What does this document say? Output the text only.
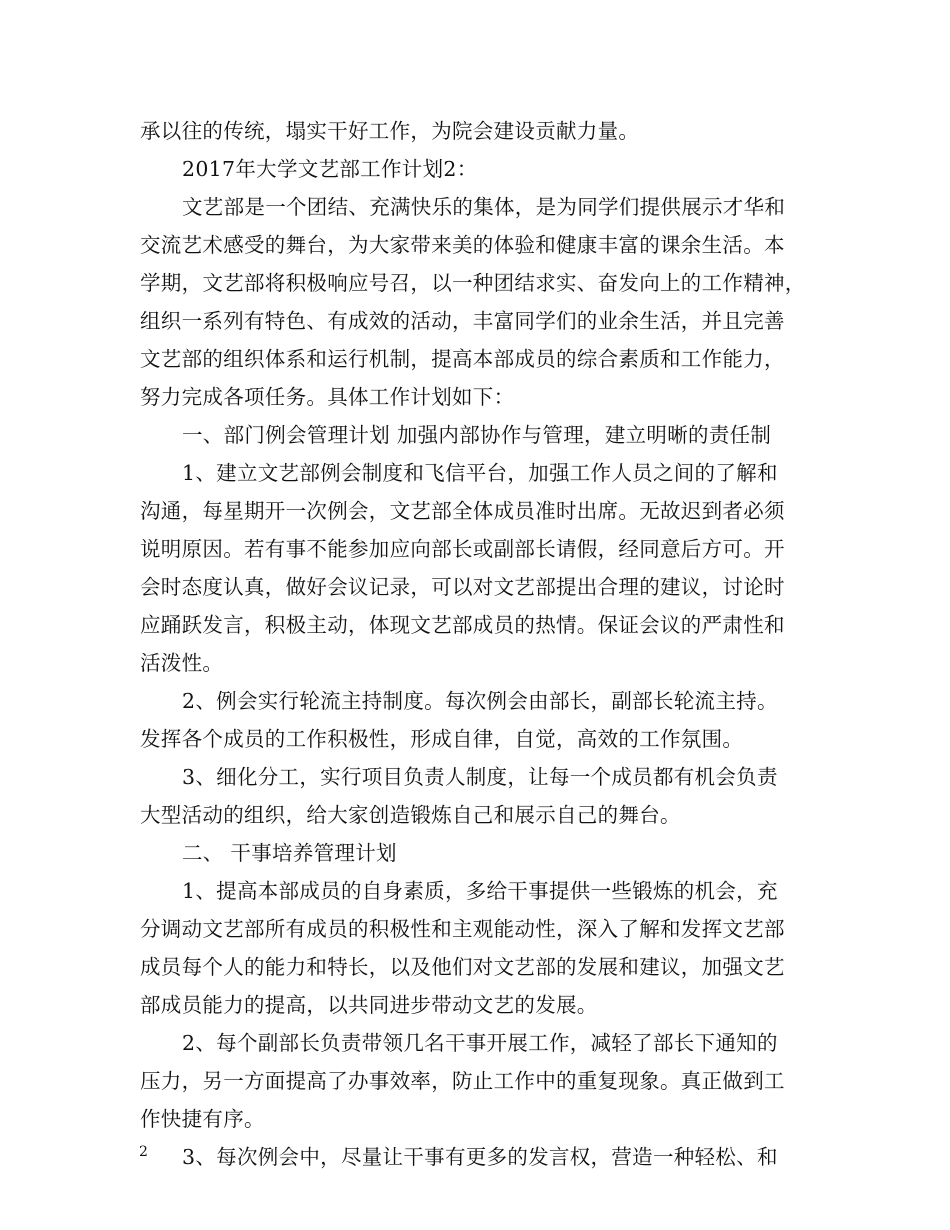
承以往的传统，塌实干好工作，为院会建设贡献力量。
2017年大学文艺部工作计划2：
文艺部是一个团结、充满快乐的集体，是为同学们提供展示才华和
交流艺术感受的舞台，为大家带来美的体验和健康丰富的课余生活。本
学期，文艺部将积极响应号召，以一种团结求实、奋发向上的工作精神，
组织一系列有特色、有成效的活动，丰富同学们的业余生活，并且完善
文艺部的组织体系和运行机制，提高本部成员的综合素质和工作能力，
努力完成各项任务。具体工作计划如下：
一、部门例会管理计划 加强内部协作与管理，建立明晰的责任制
1、建立文艺部例会制度和飞信平台，加强工作人员之间的了解和
沟通，每星期开一次例会，文艺部全体成员准时出席。无故迟到者必须
说明原因。若有事不能参加应向部长或副部长请假，经同意后方可。开
会时态度认真，做好会议记录，可以对文艺部提出合理的建议，讨论时
应踊跃发言，积极主动，体现文艺部成员的热情。保证会议的严肃性和
活泼性。
2、例会实行轮流主持制度。每次例会由部长，副部长轮流主持。
发挥各个成员的工作积极性，形成自律，自觉，高效的工作氛围。
3、细化分工，实行项目负责人制度，让每一个成员都有机会负责
大型活动的组织，给大家创造锻炼自己和展示自己的舞台。
二、 干事培养管理计划
1、提高本部成员的自身素质，多给干事提供一些锻炼的机会，充
分调动文艺部所有成员的积极性和主观能动性，深入了解和发挥文艺部
成员每个人的能力和特长，以及他们对文艺部的发展和建议，加强文艺
部成员能力的提高，以共同进步带动文艺的发展。
2、每个副部长负责带领几名干事开展工作，减轻了部长下通知的
压力，另一方面提高了办事效率，防止工作中的重复现象。真正做到工
作快捷有序。
3、每次例会中，尽量让干事有更多的发言权，营造一种轻松、和
2
